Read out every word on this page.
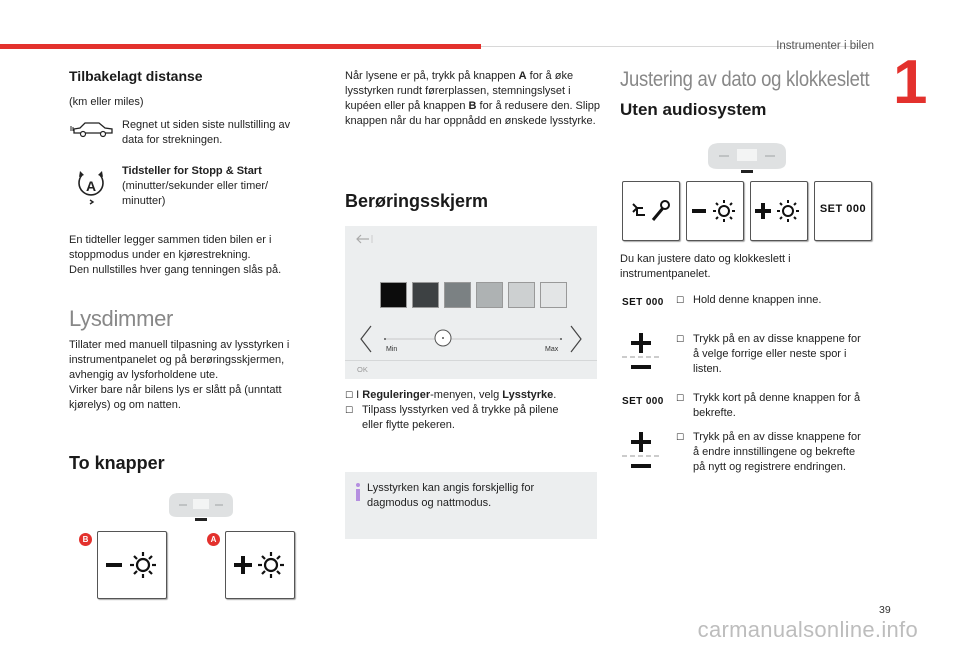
Instrumenter i bilen
1
Tilbakelagt distanse
(km eller miles)
Regnet ut siden siste nullstilling av data for strekningen.
A
Tidsteller for Stopp & Start
(minutter/sekunder eller timer/ minutter)
En tidteller legger sammen tiden bilen er i stoppmodus under en kjørestrekning.
Den nullstilles hver gang tenningen slås på.
Lysdimmer
Tillater med manuell tilpasning av lysstyrken i instrumentpanelet og på berøringsskjermen, avhengig av lysforholdene ute.
Virker bare når bilens lys er slått på (unntatt kjørelys) og om natten.
To knapper
B	A
Når lysene er på, trykk på knappen A for å øke lysstyrken rundt førerplassen, stemningslyset i kupéen eller på knappen B for å redusere den. Slipp knappen når du har oppnådd en ønskede lysstyrke.
Berøringsskjerm
Min	Max
OK
☐ I Reguleringer-menyen, velg Lysstyrke.
☐ Tilpass lysstyrken ved å trykke på pilene eller flytte pekeren.
Lysstyrken kan angis forskjellig for dagmodus og nattmodus.
Justering av dato og klokkeslett
Uten audiosystem
SET 000
Du kan justere dato og klokkeslett i instrumentpanelet.
SET 000 ☐ Hold denne knappen inne.
☐ Trykk på en av disse knappene for å velge forrige eller neste spor i listen.
SET 000 ☐ Trykk kort på denne knappen for å bekrefte.
☐ Trykk på en av disse knappene for å endre innstillingene og bekrefte på nytt og registrere endringen.
39
carmanualsonline.info
